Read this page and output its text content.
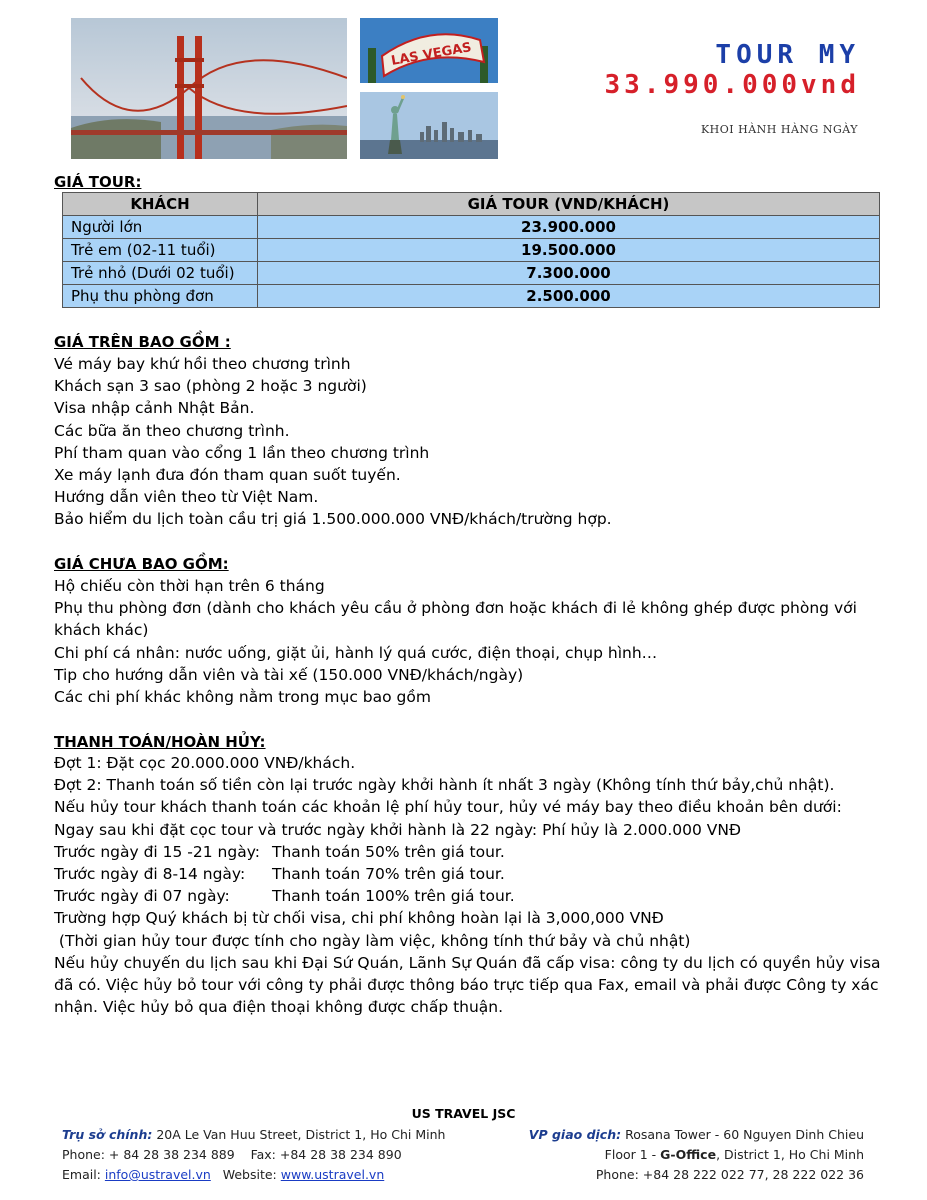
LAS VEGAS	TOUR MY
33.990.000vnd
KHOI HÀNH HÀNG NGÀY
GIÁ TOUR:
KHÁCH	GIÁ TOUR (VND/KHÁCH)
Người lớn	23.900.000
Trẻ em (02-11 tuổi)	19.500.000
Trẻ nhỏ (Dưới 02 tuổi)	7.300.000
Phụ thu phòng đơn	2.500.000
GIÁ TRÊN BAO GỒM :
Vé máy bay khứ hồi theo chương trình
Khách sạn 3 sao (phòng 2 hoặc 3 người)
Visa nhập cảnh Nhật Bản.
Các bữa ăn theo chương trình.
Phí tham quan vào cổng 1 lần theo chương trình
Xe máy lạnh đưa đón tham quan suốt tuyến.
Hướng dẫn viên theo từ Việt Nam.
Bảo hiểm du lịch toàn cầu trị giá 1.500.000.000 VNĐ/khách/trường hợp.
GIÁ CHƯA BAO GỒM:
Hộ chiếu còn thời hạn trên 6 tháng
Phụ thu phòng đơn (dành cho khách yêu cầu ở phòng đơn hoặc khách đi lẻ không ghép được phòng với khách khác)
Chi phí cá nhân: nước uống, giặt ủi, hành lý quá cước, điện thoại, chụp hình…
Tip cho hướng dẫn viên và tài xế (150.000 VNĐ/khách/ngày)
Các chi phí khác không nằm trong mục bao gồm
THANH TOÁN/HOÀN HỦY:
Đợt 1: Đặt cọc 20.000.000 VNĐ/khách.
Đợt 2: Thanh toán số tiền còn lại trước ngày khởi hành ít nhất 3 ngày (Không tính thứ bảy,chủ nhật).
Nếu hủy tour khách thanh toán các khoản lệ phí hủy tour, hủy vé máy bay theo điều khoản bên dưới:
Ngay sau khi đặt cọc tour và trước ngày khởi hành là 22 ngày: Phí hủy là 2.000.000 VNĐ
Trước ngày đi 15 -21 ngày: Thanh toán 50% trên giá tour.
Trước ngày đi 8-14 ngày: Thanh toán 70% trên giá tour.
Trước ngày đi 07 ngày:	Thanh toán 100% trên giá tour.
Trường hợp Quý khách bị từ chối visa, chi phí không hoàn lại là 3,000,000 VNĐ
(Thời gian hủy tour được tính cho ngày làm việc, không tính thứ bảy và chủ nhật)
Nếu hủy chuyến du lịch sau khi Đại Sứ Quán, Lãnh Sự Quán đã cấp visa: công ty du lịch có quyền hủy visa đã có. Việc hủy bỏ tour với công ty phải được thông báo trực tiếp qua Fax, email và phải được Công ty xác nhận. Việc hủy bỏ qua điện thoại không được chấp thuận.
US TRAVEL JSC
Trụ sở chính: 20A Le Van Huu Street, District 1, Ho Chi Minh
Phone: + 84 28 38 234 889    Fax: +84 28 38 234 890
Email: info@ustravel.vn   Website: www.ustravel.vn
VP giao dịch: Rosana Tower - 60 Nguyen Dinh Chieu
Floor 1 - G-Office, District 1, Ho Chi Minh
Phone: +84 28 222 022 77, 28 222 022 36
